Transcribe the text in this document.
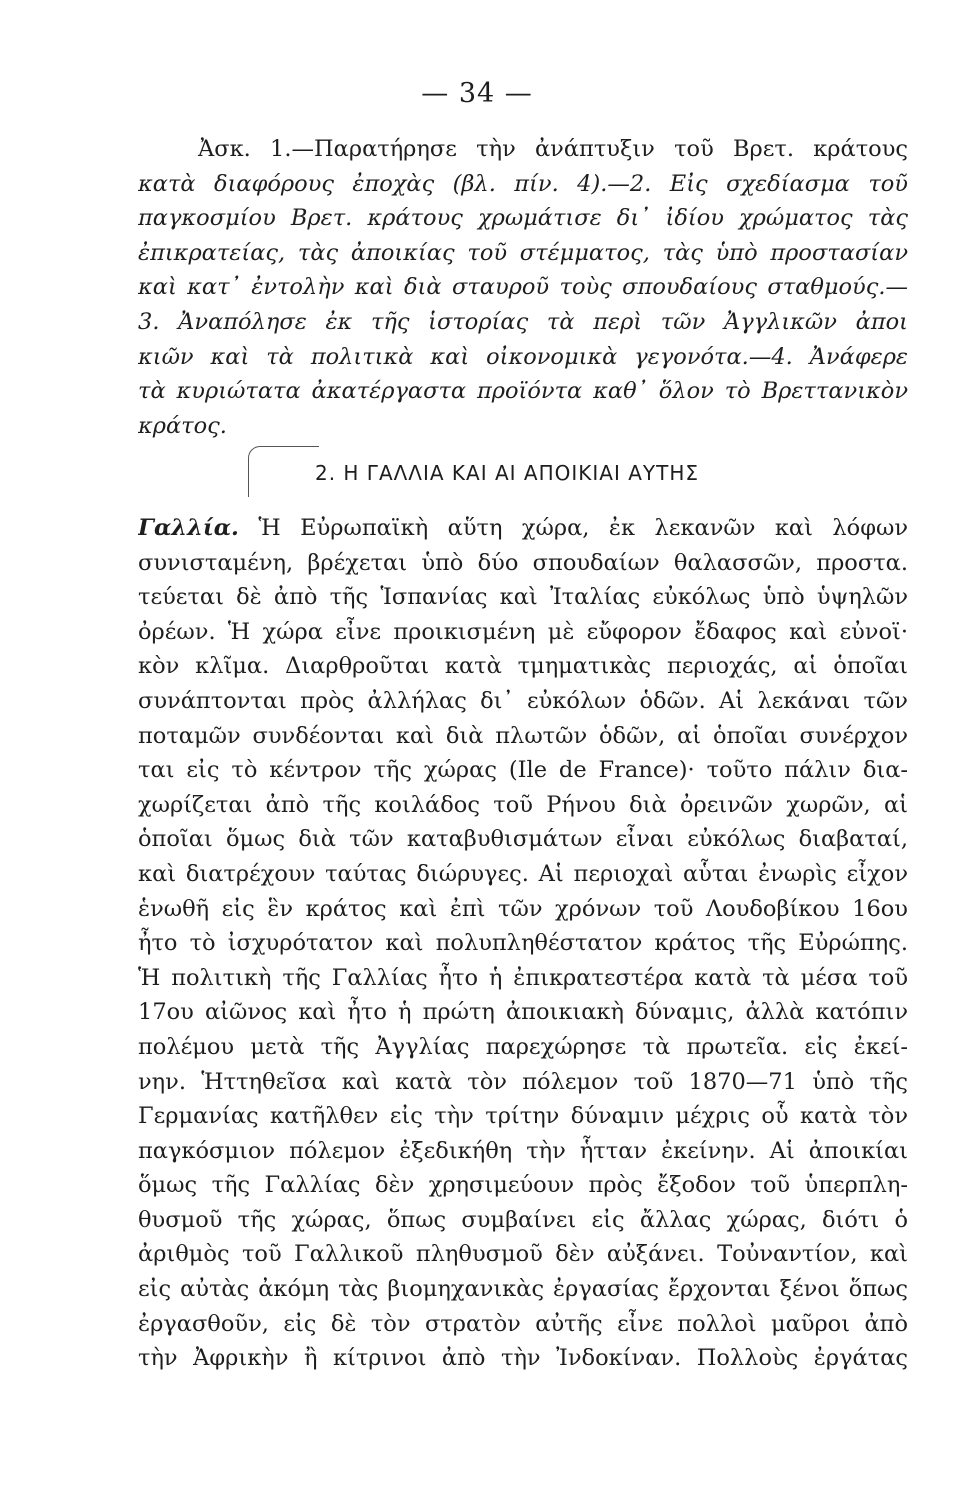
— 34 —
Ἀσκ. 1.—Παρατήρησε τὴν ἀνάπτυξιν τοῦ Βρετ. κράτους
κατὰ διαφόρους ἐποχὰς (βλ. πίν. 4).—2. Εἰς σχεδίασμα τοῦ
παγκοσμίου Βρετ. κράτους χρωμάτισε δι᾽ ἰδίου χρώματος τὰς
ἐπικρατείας, τὰς ἀποικίας τοῦ στέμματος, τὰς ὑπὸ προστασίαν
καὶ κατ᾽ ἐντολὴν καὶ διὰ σταυροῦ τοὺς σπουδαίους σταθμούς.—
3. Ἀναπόλησε ἐκ τῆς ἱστορίας τὰ περὶ τῶν Ἀγγλικῶν ἀποι
κιῶν καὶ τὰ πολιτικὰ καὶ οἰκονομικὰ γεγονότα.—4. Ἀνάφερε
τὰ κυριώτατα ἀκατέργαστα προϊόντα καθ᾽ ὅλον τὸ Βρεττανικὸν
κράτος.
2. Η ΓΑΛΛΙΑ ΚΑΙ ΑΙ ΑΠΟΙΚΙΑΙ ΑΥΤΗΣ
Γαλλία. Ἡ Εὐρωπαϊκὴ αὕτη χώρα, ἐκ λεκανῶν καὶ λόφων
συνισταμένη, βρέχεται ὑπὸ δύο σπουδαίων θαλασσῶν, προστα.
τεύεται δὲ ἀπὸ τῆς Ἱσπανίας καὶ Ἰταλίας εὐκόλως ὑπὸ ὑψηλῶν
ὀρέων. Ἡ χώρα εἶνε προικισμένη μὲ εὔφορον ἔδαφος καὶ εὐνοϊ·
κὸν κλῖμα. Διαρθροῦται κατὰ τμηματικὰς περιοχάς, αἱ ὁποῖαι
συνάπτονται πρὸς ἀλλήλας δι᾽ εὐκόλων ὁδῶν. Αἱ λεκάναι τῶν
ποταμῶν συνδέονται καὶ διὰ πλωτῶν ὁδῶν, αἱ ὁποῖαι συνέρχον
ται εἰς τὸ κέντρον τῆς χώρας (Ile de France)· τοῦτο πάλιν δια-
χωρίζεται ἀπὸ τῆς κοιλάδος τοῦ Ρήνου διὰ ὀρεινῶν χωρῶν, αἱ
ὁποῖαι ὅμως διὰ τῶν καταβυθισμάτων εἶναι εὐκόλως διαβαταί,
καὶ διατρέχουν ταύτας διώρυγες. Αἱ περιοχαὶ αὗται ἐνωρὶς εἶχον
ἑνωθῆ εἰς ἓν κράτος καὶ ἐπὶ τῶν χρόνων τοῦ Λουδοβίκου 16ου
ἦτο τὸ ἰσχυρότατον καὶ πολυπληθέστατον κράτος τῆς Εὐρώπης.
Ἡ πολιτικὴ τῆς Γαλλίας ἦτο ἡ ἐπικρατεστέρα κατὰ τὰ μέσα τοῦ
17ου αἰῶνος καὶ ἦτο ἡ πρώτη ἀποικιακὴ δύναμις, ἀλλὰ κατόπιν
πολέμου μετὰ τῆς Ἀγγλίας παρεχώρησε τὰ πρωτεῖα. εἰς ἐκεί-
νην. Ἡττηθεῖσα καὶ κατὰ τὸν πόλεμον τοῦ 1870—71 ὑπὸ τῆς
Γερμανίας κατῆλθεν εἰς τὴν τρίτην δύναμιν μέχρις οὗ κατὰ τὸν
παγκόσμιον πόλεμον ἐξεδικήθη τὴν ἧτταν ἐκείνην. Αἱ ἀποικίαι
ὅμως τῆς Γαλλίας δὲν χρησιμεύουν πρὸς ἔξοδον τοῦ ὑπερπλη-
θυσμοῦ τῆς χώρας, ὅπως συμβαίνει εἰς ἄλλας χώρας, διότι ὁ
ἀριθμὸς τοῦ Γαλλικοῦ πληθυσμοῦ δὲν αὐξάνει. Τοὐναντίον, καὶ
εἰς αὐτὰς ἀκόμη τὰς βιομηχανικὰς ἐργασίας ἔρχονται ξένοι ὅπως
ἐργασθοῦν, εἰς δὲ τὸν στρατὸν αὐτῆς εἶνε πολλοὶ μαῦροι ἀπὸ
τὴν Ἀφρικὴν ἢ κίτρινοι ἀπὸ τὴν Ἰνδοκίναν. Πολλοὺς ἐργάτας
